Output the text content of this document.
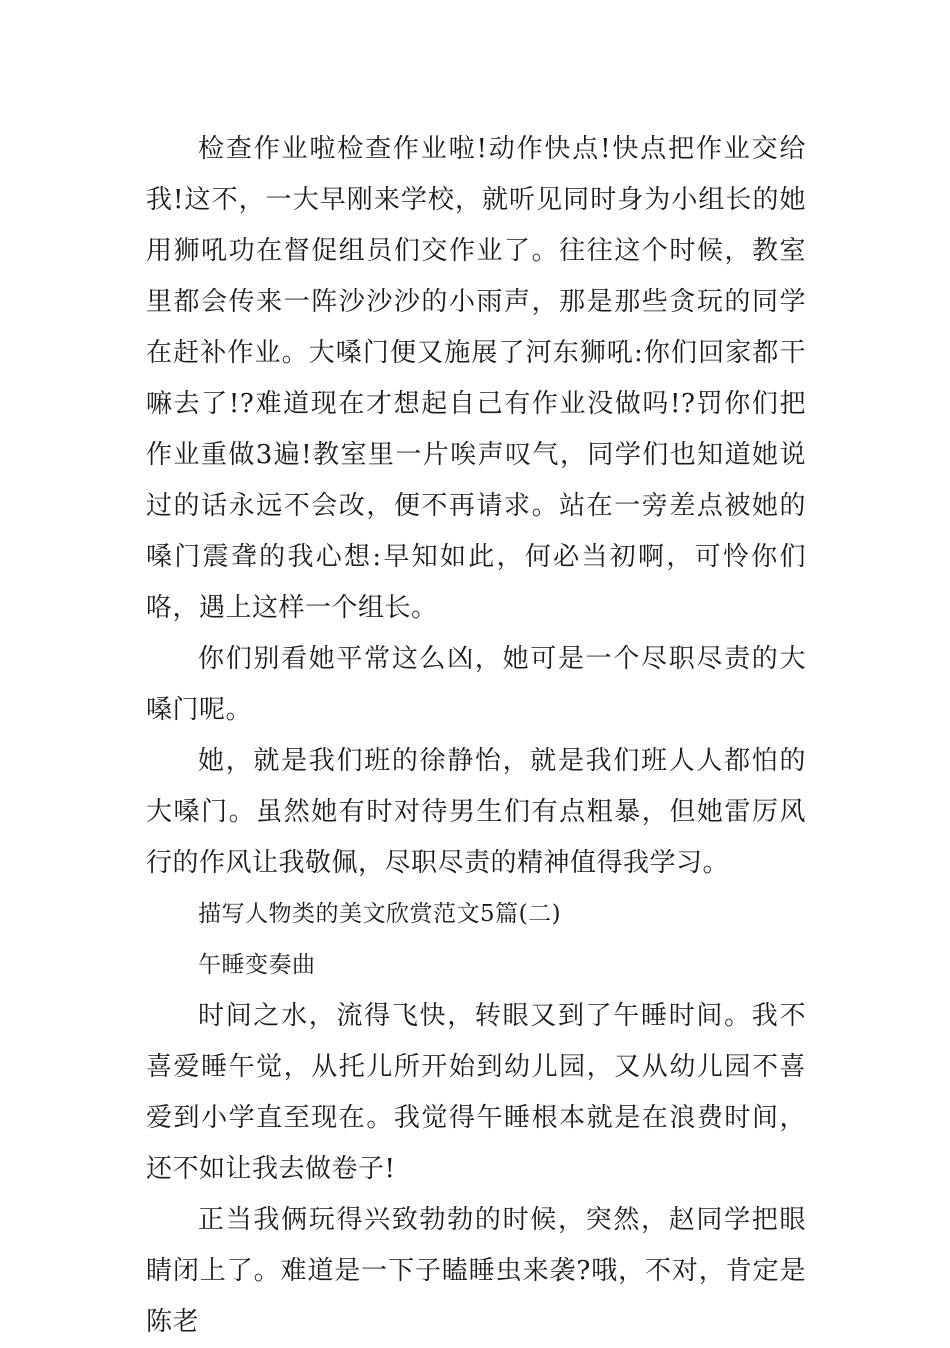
检查作业啦检查作业啦!动作快点!快点把作业交给我!这不，一大早刚来学校，就听见同时身为小组长的她用狮吼功在督促组员们交作业了。往往这个时候，教室里都会传来一阵沙沙沙的小雨声，那是那些贪玩的同学在赶补作业。大嗓门便又施展了河东狮吼:你们回家都干嘛去了!?难道现在才想起自己有作业没做吗!?罚你们把作业重做3遍!教室里一片唉声叹气，同学们也知道她说过的话永远不会改，便不再请求。站在一旁差点被她的嗓门震聋的我心想:早知如此，何必当初啊，可怜你们咯，遇上这样一个组长。

你们别看她平常这么凶，她可是一个尽职尽责的大嗓门呢。

她，就是我们班的徐静怡，就是我们班人人都怕的大嗓门。虽然她有时对待男生们有点粗暴，但她雷厉风行的作风让我敬佩，尽职尽责的精神值得我学习。

描写人物类的美文欣赏范文5篇(二)

午睡变奏曲

时间之水，流得飞快，转眼又到了午睡时间。我不喜爱睡午觉，从托儿所开始到幼儿园，又从幼儿园不喜爱到小学直至现在。我觉得午睡根本就是在浪费时间，还不如让我去做卷子!

正当我俩玩得兴致勃勃的时候，突然，赵同学把眼睛闭上了。难道是一下子瞌睡虫来袭?哦，不对，肯定是陈老
